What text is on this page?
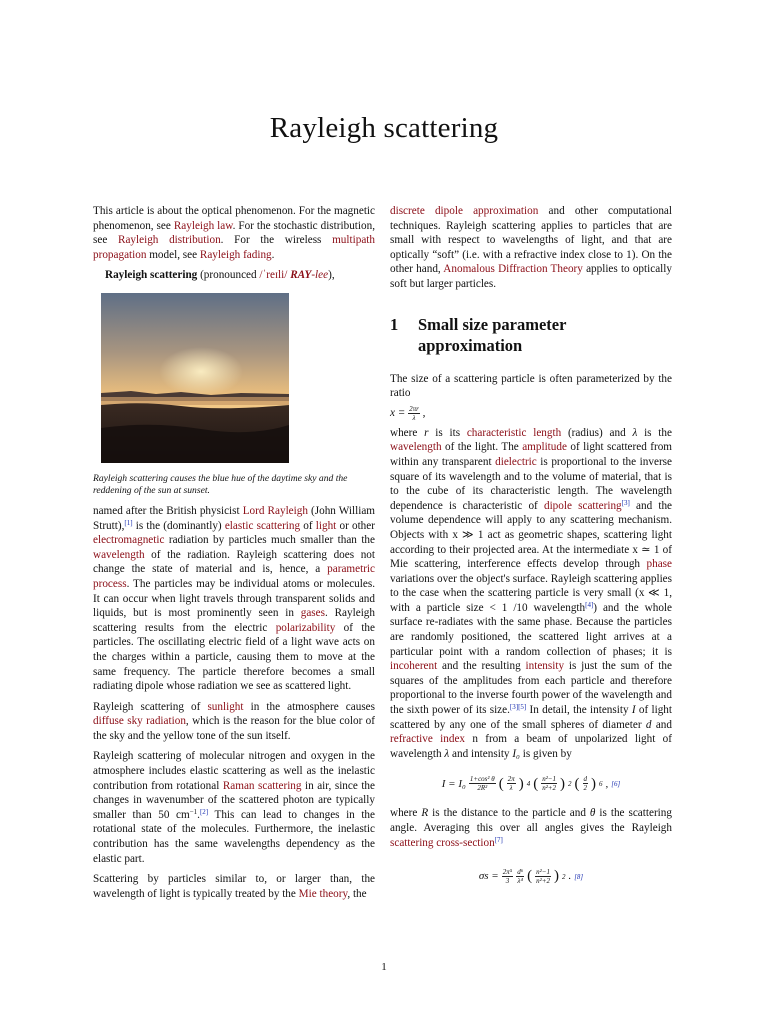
Rayleigh scattering

This article is about the optical phenomenon. For the magnetic phenomenon, see Rayleigh law. For the stochastic distribution, see Rayleigh distribution. For the wireless multipath propagation model, see Rayleigh fading.

Rayleigh scattering (pronounced /ˈreɪli/ RAY-lee),

Rayleigh scattering causes the blue hue of the daytime sky and the reddening of the sun at sunset.

named after the British physicist Lord Rayleigh (John William Strutt),[1] is the (dominantly) elastic scattering of light or other electromagnetic radiation by particles much smaller than the wavelength of the radiation. Rayleigh scattering does not change the state of material and is, hence, a parametric process. The particles may be individual atoms or molecules. It can occur when light travels through transparent solids and liquids, but is most prominently seen in gases. Rayleigh scattering results from the electric polarizability of the particles. The oscillating electric field of a light wave acts on the charges within a particle, causing them to move at the same frequency. The particle therefore becomes a small radiating dipole whose radiation we see as scattered light.

Rayleigh scattering of sunlight in the atmosphere causes diffuse sky radiation, which is the reason for the blue color of the sky and the yellow tone of the sun itself.

Rayleigh scattering of molecular nitrogen and oxygen in the atmosphere includes elastic scattering as well as the inelastic contribution from rotational Raman scattering in air, since the changes in wavenumber of the scattered photon are typically smaller than 50 $cm^{-1}.[2]$ This can lead to changes in the rotational state of the molecules. Furthermore, the inelastic contribution has the same wavelengths dependency as the elastic part.

Scattering by particles similar to, or larger than, the wavelength of light is typically treated by the Mie theory, the

discrete dipole approximation and other computational techniques. Rayleigh scattering applies to particles that are small with respect to wavelengths of light, and that are optically “soft” (i.e. with a refractive index close to 1). On the other hand, Anomalous Diffraction Theory applies to optically soft but larger particles.

1	Small size parameter approximation

The size of a scattering particle is often parameterized by the ratio

$x = \frac{2\pi r}{\lambda}$ ,

where r is its characteristic length (radius) and λ is the wavelength of the light. The amplitude of light scattered from within any transparent dielectric is proportional to the inverse square of its wavelength and to the volume of material, that is to the cube of its characteristic length. The wavelength dependence is characteristic of dipole scattering[3] and the volume dependence will apply to any scattering mechanism. Objects with x ≫ 1 act as geometric shapes, scattering light according to their projected area. At the intermediate x ≃ 1 of Mie scattering, interference effects develop through phase variations over the object's surface. Rayleigh scattering applies to the case when the scattering particle is very small (x ≪ 1, with a particle size < 1 /10 wavelength[4]) and the whole surface re-radiates with the same phase. Because the particles are randomly positioned, the scattered light arrives at a particular point with a random collection of phases; it is incoherent and the resulting intensity is just the sum of the squares of the amplitudes from each particle and therefore proportional to the inverse fourth power of the wavelength and the sixth power of its size.[3][5] In detail, the intensity I of light scattered by any one of the small spheres of diameter d and refractive index n from a beam of unpolarized light of wavelength λ and intensity I₀ is given by

$I = I_0 \frac{\text{1+cos² θ}}{\text{2R²}}$ ( $\frac{2\pi}{\lambda}$ ) 4 ( $\frac{\text{n²−1}}{\text{n²+2}}$ ) 2 ( $\frac{d}{2}$ ) 6 , [6]

where R is the distance to the particle and θ is the scattering angle. Averaging this over all angles gives the Rayleigh scattering cross-section[7]

$\sigma s = \frac{\text{2π⁵}}{3} \frac{\text{d⁶}}{\text{λ⁴}}$ ( $\frac{\text{n²−1}}{\text{n²+2}}$ ) 2 . [8]
1
